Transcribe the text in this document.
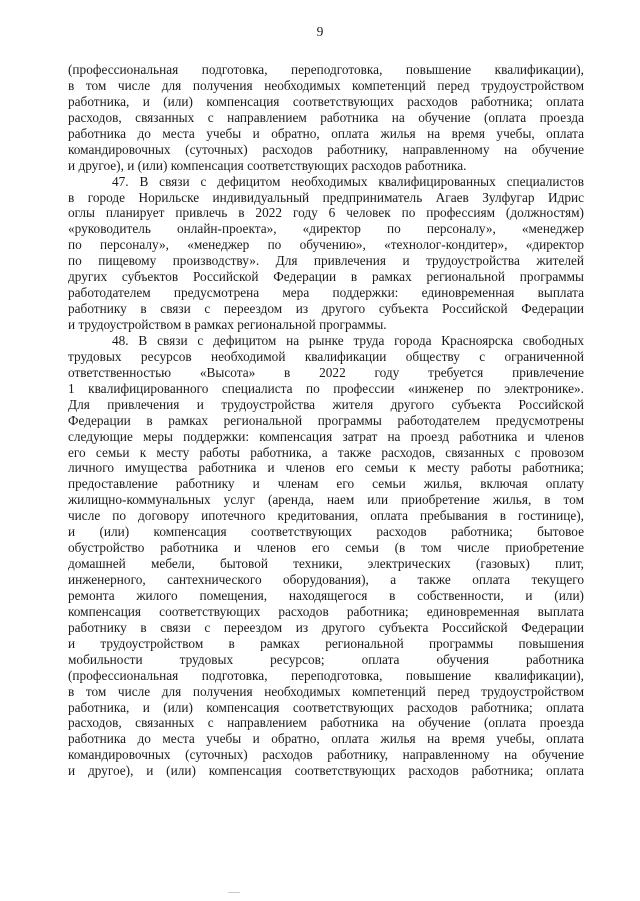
9
(профессиональная подготовка, переподготовка, повышение квалификации),
в том числе для получения необходимых компетенций перед трудоустройством
работника, и (или) компенсация соответствующих расходов работника; оплата
расходов, связанных с направлением работника на обучение (оплата проезда
работника до места учебы и обратно, оплата жилья на время учебы, оплата
командировочных (суточных) расходов работнику, направленному на обучение
и другое), и (или) компенсация соответствующих расходов работника.
47. В связи с дефицитом необходимых квалифицированных специалистов
в городе Норильске индивидуальный предприниматель Агаев Зулфугар Идрис
оглы планирует привлечь в 2022 году 6 человек по профессиям (должностям)
«руководитель онлайн-проекта», «директор по персоналу», «менеджер
по персоналу», «менеджер по обучению», «технолог-кондитер», «директор
по пищевому производству». Для привлечения и трудоустройства жителей
других субъектов Российской Федерации в рамках региональной программы
работодателем предусмотрена мера поддержки: единовременная выплата
работнику в связи с переездом из другого субъекта Российской Федерации
и трудоустройством в рамках региональной программы.
48. В связи с дефицитом на рынке труда города Красноярска свободных
трудовых ресурсов необходимой квалификации обществу с ограниченной
ответственностью «Высота» в 2022 году требуется привлечение
1 квалифицированного специалиста по профессии «инженер по электронике».
Для привлечения и трудоустройства жителя другого субъекта Российской
Федерации в рамках региональной программы работодателем предусмотрены
следующие меры поддержки: компенсация затрат на проезд работника и членов
его семьи к месту работы работника, а также расходов, связанных с провозом
личного имущества работника и членов его семьи к месту работы работника;
предоставление работнику и членам его семьи жилья, включая оплату
жилищно-коммунальных услуг (аренда, наем или приобретение жилья, в том
числе по договору ипотечного кредитования, оплата пребывания в гостинице),
и (или) компенсация соответствующих расходов работника; бытовое
обустройство работника и членов его семьи (в том числе приобретение
домашней мебели, бытовой техники, электрических (газовых) плит,
инженерного, сантехнического оборудования), а также оплата текущего
ремонта жилого помещения, находящегося в собственности, и (или)
компенсация соответствующих расходов работника; единовременная выплата
работнику в связи с переездом из другого субъекта Российской Федерации
и трудоустройством в рамках региональной программы повышения
мобильности трудовых ресурсов; оплата обучения работника
(профессиональная подготовка, переподготовка, повышение квалификации),
в том числе для получения необходимых компетенций перед трудоустройством
работника, и (или) компенсация соответствующих расходов работника; оплата
расходов, связанных с направлением работника на обучение (оплата проезда
работника до места учебы и обратно, оплата жилья на время учебы, оплата
командировочных (суточных) расходов работнику, направленному на обучение
и другое), и (или) компенсация соответствующих расходов работника; оплата
